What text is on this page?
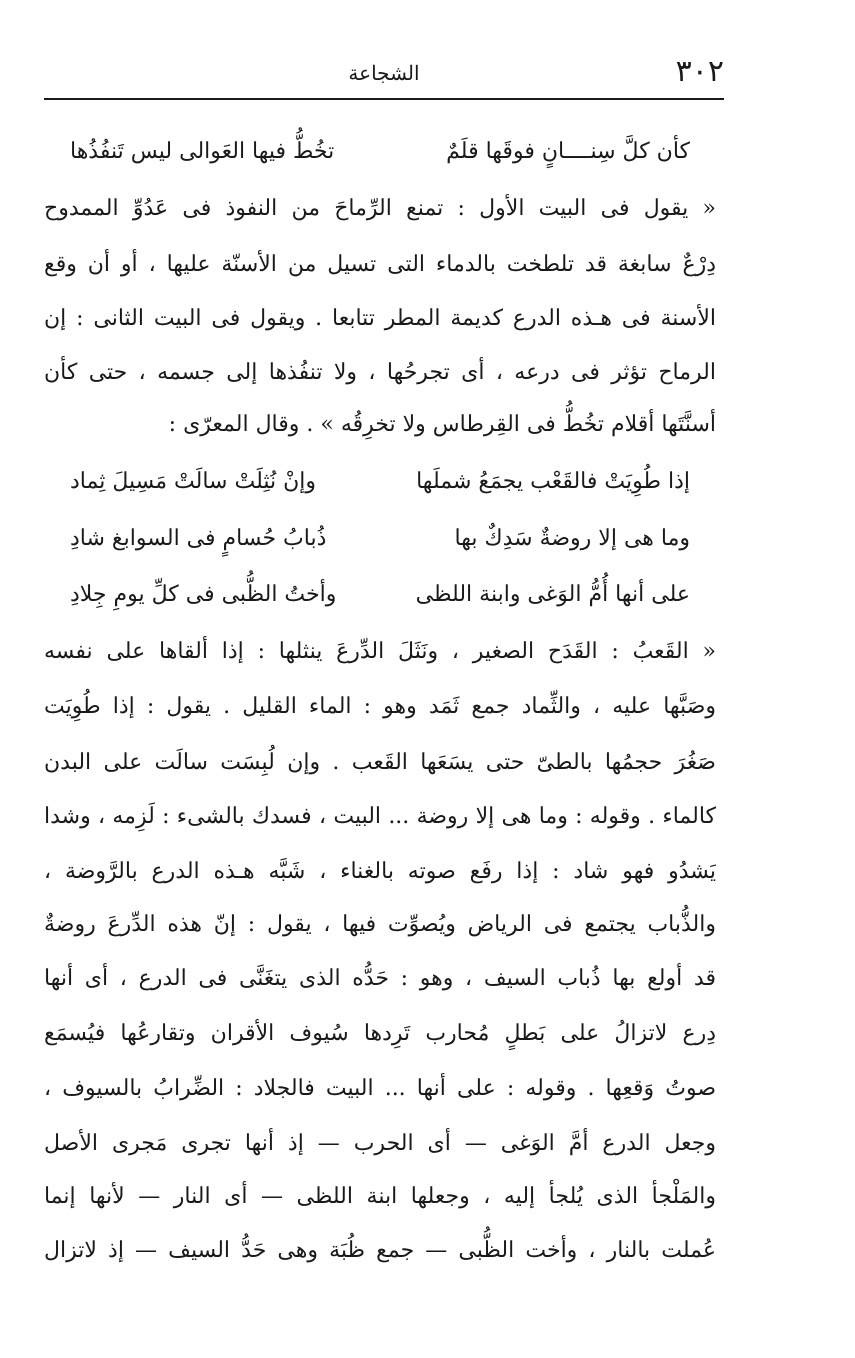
٣٠٢
الشجاعة
كأن كلَّ سِنــــانٍ فوقَها قلَمٌ
تخُطُّ فيها العَوالى ليس تَنفُذُها
« يقول فى البيت الأول : تمنع الرِّماحَ من النفوذ فى عَدُوِّ الممدوح
دِرْعٌ سابغة قد تلطخت بالدماء التى تسيل من الأسنّة عليها ، أو أن وقع
الأسنة فى هـذه الدرع كديمة المطر تتابعا . ويقول فى البيت الثانى : إن
الرماح تؤثر فى درعه ، أى تجرحُها ، ولا تنفُذها إلى جسمه ، حتى كأن
أسنَّتَها أقلام تخُطُّ فى القِرطاس ولا تخرِقُه » . وقال المعرّى :
إذا طُوِيَتْ فالقَعْب يجمَعُ شملَها
وإنْ نُثِلَتْ سالَتْ مَسِيلَ ثِماد
وما هى إلا روضةٌ سَدِكٌ بها
ذُبابُ حُسامٍ فى السوابغ شادِ
على أنها أُمُّ الوَغى وابنة اللظى
وأختُ الظُّبى فى كلِّ يومِ جِلادِ
« القَعبُ : القَدَح الصغير ، ونَثَلَ الدِّرعَ ينثلها : إذا ألقاها على نفسه
وصَبَّها عليه ، والثِّماد جمع ثَمَد وهو : الماء القليل . يقول : إذا طُوِيَت
صَغُرَ حجمُها بالطىّ حتى يسَعَها القَعب . وإن لُبِسَت سالَت على البدن
كالماء . وقوله : وما هى إلا روضة ... البيت ، فسدك بالشىء : لَزِمه ، وشدا
يَشدُو فهو شاد : إذا رفَع صوته بالغناء ، شَبَّه هـذه الدرع بالرَّوضة ،
والذُّباب يجتمع فى الرياض ويُصوِّت فيها ، يقول : إنّ هذه الدِّرعَ روضةٌ
قد أولع بها ذُباب السيف ، وهو : حَدُّه الذى يتغَنَّى فى الدرع ، أى أنها
دِرع لاتزالُ على بَطلٍ مُحارب تَرِدها سُيوف الأقران وتقارعُها فيُسمَع
صوتُ وَقعِها . وقوله : على أنها ... البيت فالجلاد : الضِّرابُ بالسيوف ،
وجعل الدرع أمَّ الوَغى — أى الحرب — إذ أنها تجرى مَجرى الأصل
والمَلْجأ الذى يُلجأ إليه ، وجعلها ابنة اللظى — أى النار — لأنها إنما
عُملت بالنار ، وأخت الظُّبى — جمع ظُبَة وهى حَدُّ السيف — إذ لاتزال
